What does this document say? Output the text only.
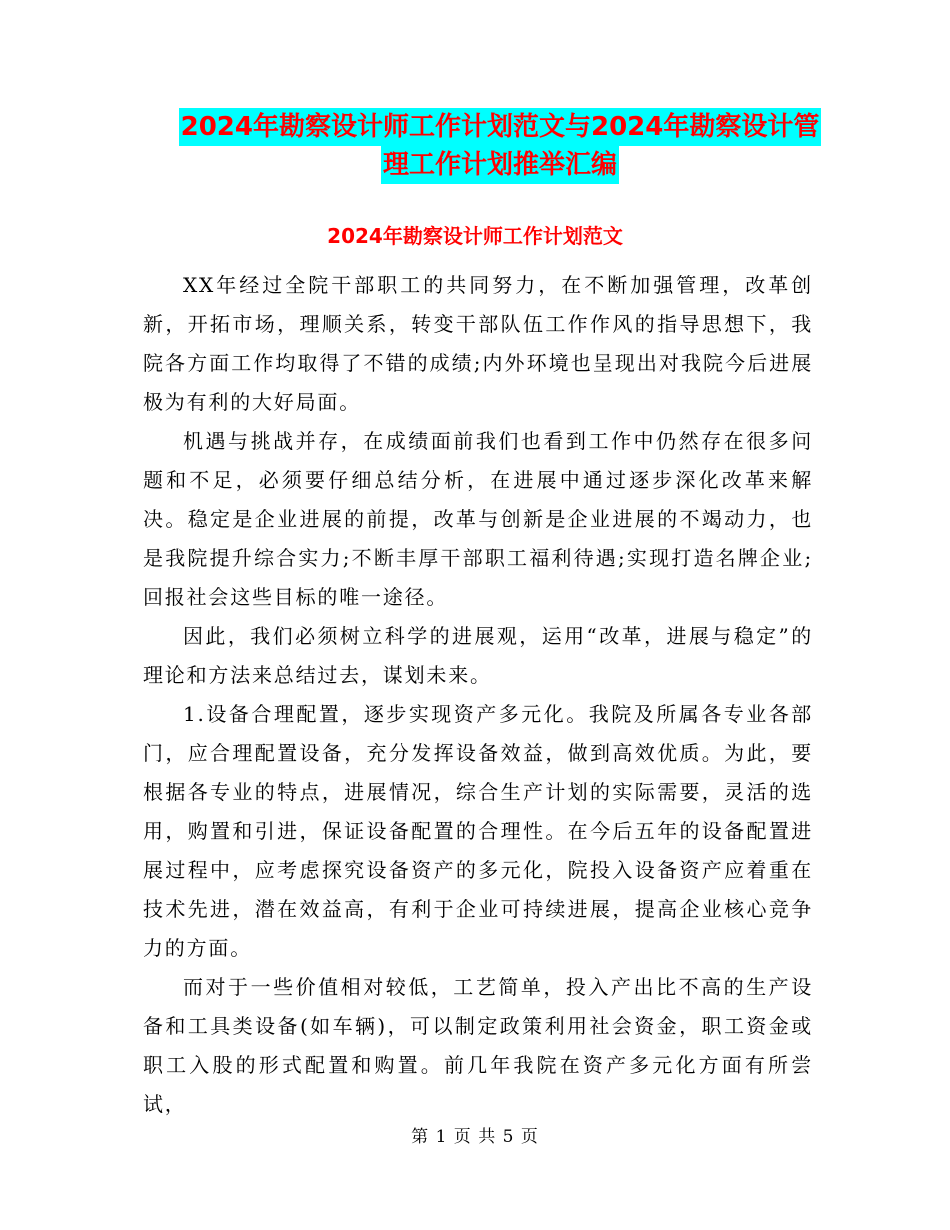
2024年勘察设计师工作计划范文与2024年勘察设计管
理工作计划推举汇编
2024年勘察设计师工作计划范文

XX年经过全院干部职工的共同努力，在不断加强管理，改革创新，开拓市场，理顺关系，转变干部队伍工作作风的指导思想下，我院各方面工作均取得了不错的成绩;内外环境也呈现出对我院今后进展极为有利的大好局面。

机遇与挑战并存，在成绩面前我们也看到工作中仍然存在很多问题和不足，必须要仔细总结分析，在进展中通过逐步深化改革来解决。稳定是企业进展的前提，改革与创新是企业进展的不竭动力，也是我院提升综合实力;不断丰厚干部职工福利待遇;实现打造名牌企业;回报社会这些目标的唯一途径。

因此，我们必须树立科学的进展观，运用“改革，进展与稳定”的理论和方法来总结过去，谋划未来。

1.设备合理配置，逐步实现资产多元化。我院及所属各专业各部门，应合理配置设备，充分发挥设备效益，做到高效优质。为此，要根据各专业的特点，进展情况，综合生产计划的实际需要，灵活的选用，购置和引进，保证设备配置的合理性。在今后五年的设备配置进展过程中，应考虑探究设备资产的多元化，院投入设备资产应着重在技术先进，潜在效益高，有利于企业可持续进展，提高企业核心竞争力的方面。

而对于一些价值相对较低，工艺简单，投入产出比不高的生产设备和工具类设备(如车辆)，可以制定政策利用社会资金，职工资金或职工入股的形式配置和购置。前几年我院在资产多元化方面有所尝试，

第 1 页 共 5 页
